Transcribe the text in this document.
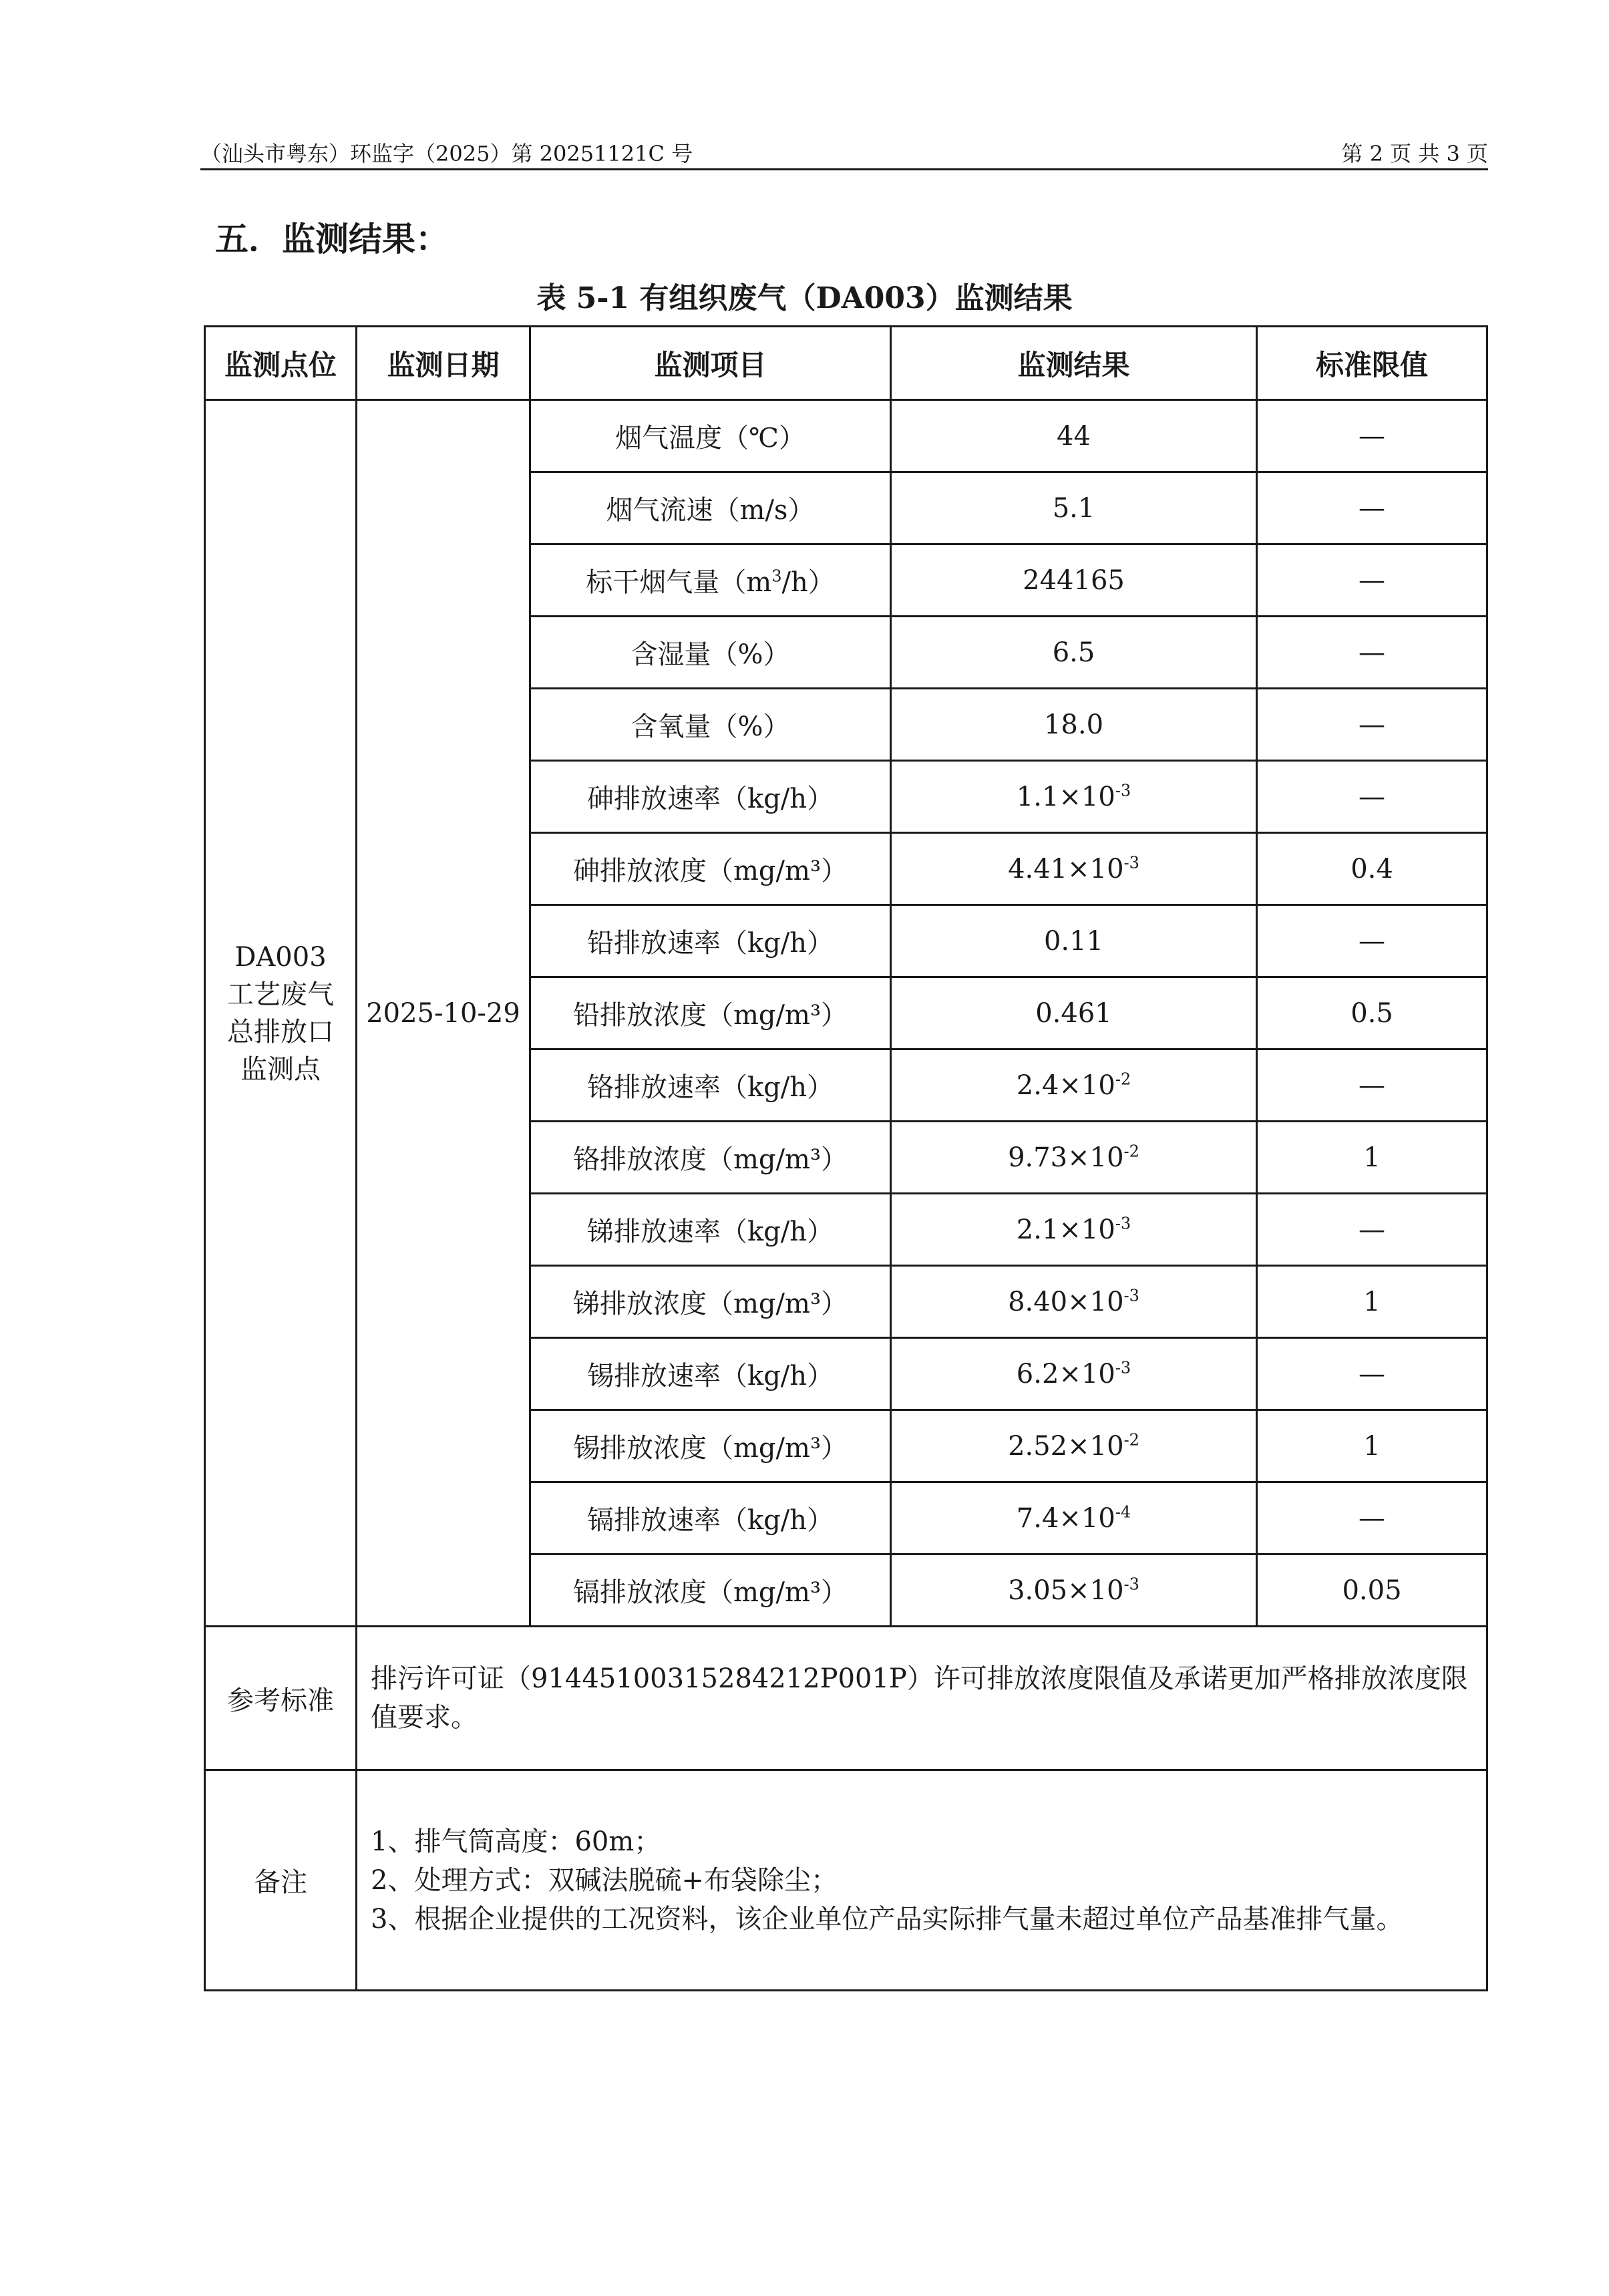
（汕头市粤东）环监字（2025）第 20251121C 号	第 2 页 共 3 页
五．监测结果：
表 5-1 有组织废气（DA003）监测结果
监测点位	监测日期	监测项目	监测结果	标准限值

DA003
工艺废气
总排放口
监测点	2025-10-29	烟气温度（℃）	44	—
		烟气流速（m/s）	5.1	—
		标干烟气量$(m^3/h)$	244165	—
		含湿量（%）	6.5	—
		含氧量（%）	18.0	—
		砷排放速率（kg/h）	$1.1\times 10^{-3}$	—
		砷排放浓度（mg/m³）	$4.41\times 10^{-3}$	0.4
		铅排放速率（kg/h）	0.11	—
		铅排放浓度（mg/m³）	0.461	0.5
		铬排放速率（kg/h）	$2.4\times 10^{-2}$	—
		铬排放浓度（mg/m³）	$9.73\times 10^{-2}$	1
		锑排放速率（kg/h）	$2.1\times 10^{-3}$	—
		锑排放浓度（mg/m³）	$8.40\times 10^{-3}$	1
		锡排放速率（kg/h）	$6.2\times 10^{-3}$	—
		锡排放浓度（mg/m³）	$2.52\times 10^{-2}$	1
		镉排放速率（kg/h）	$7.4\times 10^{-4}$	—
		镉排放浓度（mg/m³）	$3.05\times 10^{-3}$	0.05
参考标准	排污许可证（91445100315284212P001P）许可排放浓度限值及承诺更加严格排放浓度限值要求。			
备注	1、排气筒高度：60m；
2、处理方式：双碱法脱硫+布袋除尘；
3、根据企业提供的工况资料，该企业单位产品实际排气量未超过单位产品基准排气量。			
